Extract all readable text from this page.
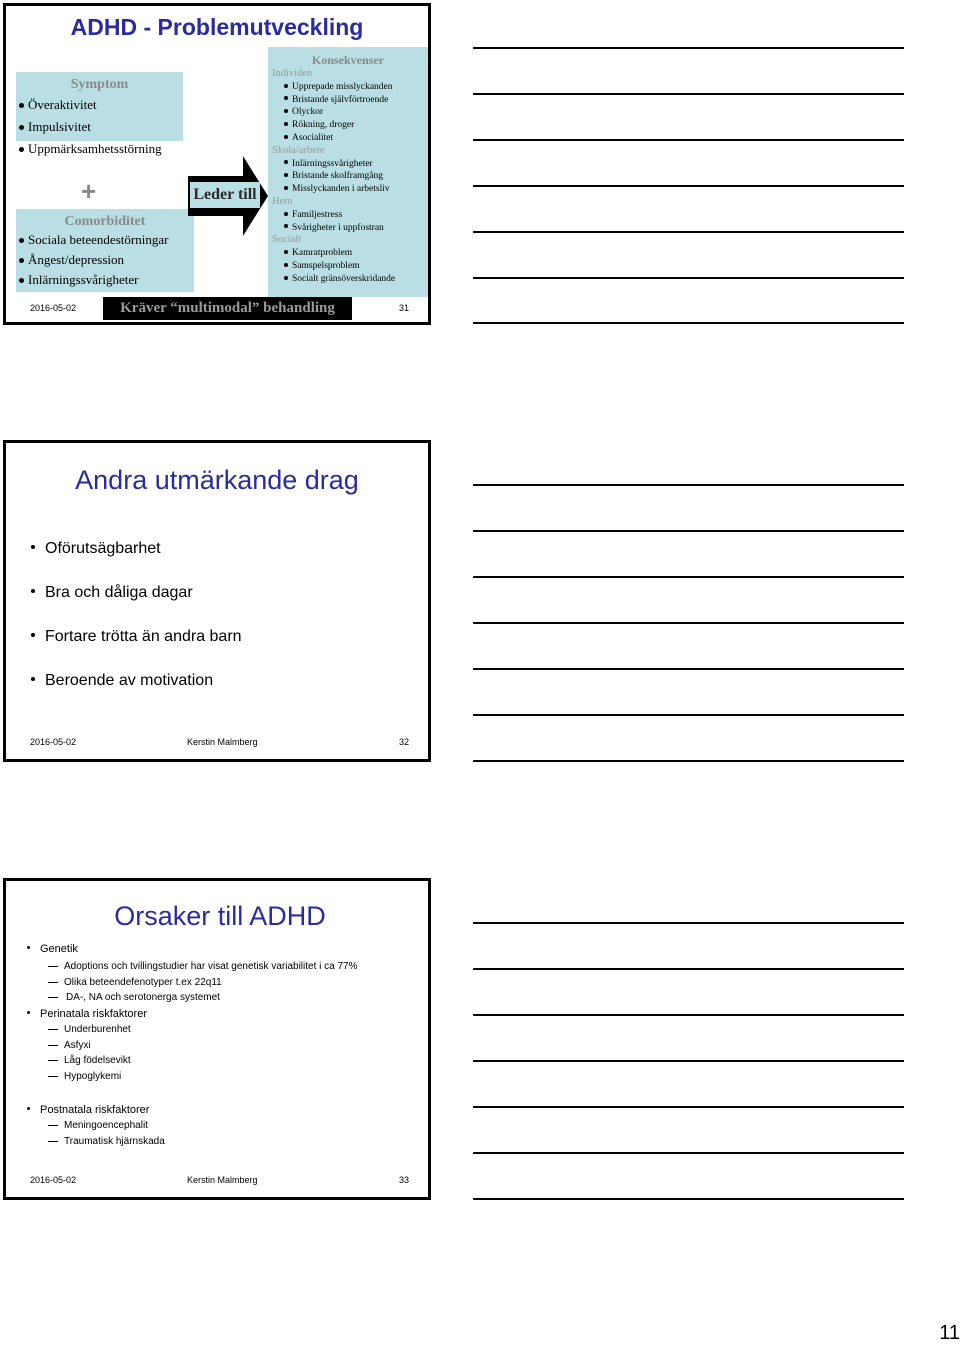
ADHD - Problemutveckling
Symptom
Överaktivitet
Impulsivitet
Uppmärksamhetsstörning
+
Comorbiditet
Sociala beteendestörningar
Ångest/depression
Inlärningssvårigheter
Leder till
Konsekvenser
Individen
Upprepade misslyckanden
Bristande självförtroende
Olyckor
Rökning, droger
Asocialitet
Skola/arbete
Inlärningssvårigheter
Bristande skolframgång
Misslyckanden i arbetsliv
Hem
Familjestress
Svårigheter i uppfostran
Socialt
Kamratproblem
Samspelsproblem
Socialt gränsöverskridande
2016-05-02	Kräver “multimodal” behandling	31
Andra utmärkande drag
Oförutsägbarhet
Bra och dåliga dagar
Fortare trötta än andra barn
Beroende av motivation
2016-05-02	Kerstin Malmberg	32
Orsaker till ADHD
Genetik
Adoptions och tvillingstudier har visat genetisk variabilitet i ca 77%
Olika beteendefenotyper t.ex 22q11
DA-, NA och serotonerga systemet
Perinatala riskfaktorer
Underburenhet
Asfyxi
Låg födelsevikt
Hypoglykemi
Postnatala riskfaktorer
Meningoencephalit
Traumatisk hjärnskada
2016-05-02	Kerstin Malmberg	33
11
